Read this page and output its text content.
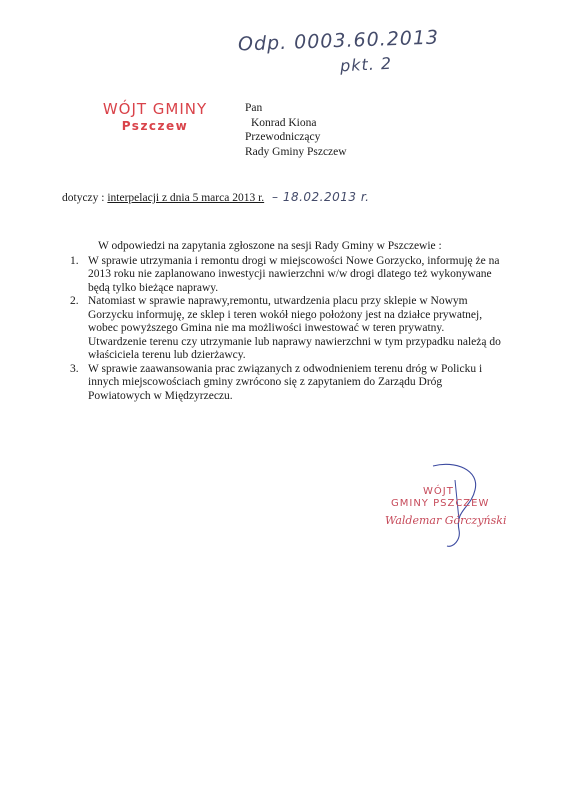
Odp. 0003.60.2013
pkt. 2
WÓJT GMINY
Pszczew
Pan
Konrad Kiona
Przewodniczący
Rady Gminy Pszczew
dotyczy : interpelacji z dnia 5 marca 2013 r. – 18.02.2013 r.
W odpowiedzi na zapytania zgłoszone na sesji Rady Gminy w Pszczewie :
1. W sprawie utrzymania i remontu drogi w miejscowości Nowe Gorzycko, informuję że na
2013 roku nie zaplanowano inwestycji nawierzchni w/w drogi dlatego też wykonywane
będą tylko bieżące naprawy.
2. Natomiast w sprawie naprawy,remontu, utwardzenia placu przy sklepie w Nowym
Gorzycku informuję, ze sklep i teren wokół niego położony jest na działce prywatnej,
wobec powyższego Gmina nie ma możliwości inwestować w teren prywatny.
Utwardzenie terenu czy utrzymanie lub naprawy nawierzchni w tym przypadku należą do
właściciela terenu lub dzierżawcy.
3. W sprawie zaawansowania prac związanych z odwodnieniem terenu dróg w Policku i
innych miejscowościach gminy zwrócono się z zapytaniem do Zarządu Dróg
Powiatowych w Międzyrzeczu.
WÓJT
GMINY PSZCZEW
Waldemar Górczyński
